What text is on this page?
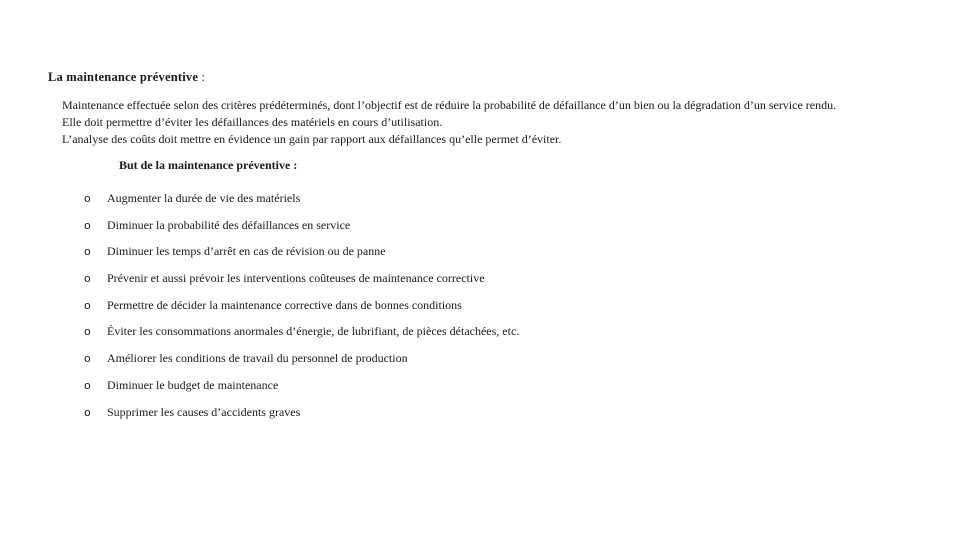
La maintenance préventive :

Maintenance effectuée selon des critères prédéterminés, dont l’objectif est de réduire la probabilité de défaillance d’un bien ou la dégradation d’un service rendu.

Elle doit permettre d’éviter les défaillances des matériels en cours d’utilisation.

L’analyse des coûts doit mettre en évidence un gain par rapport aux défaillances qu’elle permet d’éviter.

But de la maintenance préventive :
o Augmenter la durée de vie des matériels
o Diminuer la probabilité des défaillances en service
o Diminuer les temps d’arrêt en cas de révision ou de panne
o Prévenir et aussi prévoir les interventions coûteuses de maintenance corrective
o Permettre de décider la maintenance corrective dans de bonnes conditions
o Éviter les consommations anormales d’énergie, de lubrifiant, de pièces détachées, etc.
o Améliorer les conditions de travail du personnel de production
o Diminuer le budget de maintenance
o Supprimer les causes d’accidents graves
